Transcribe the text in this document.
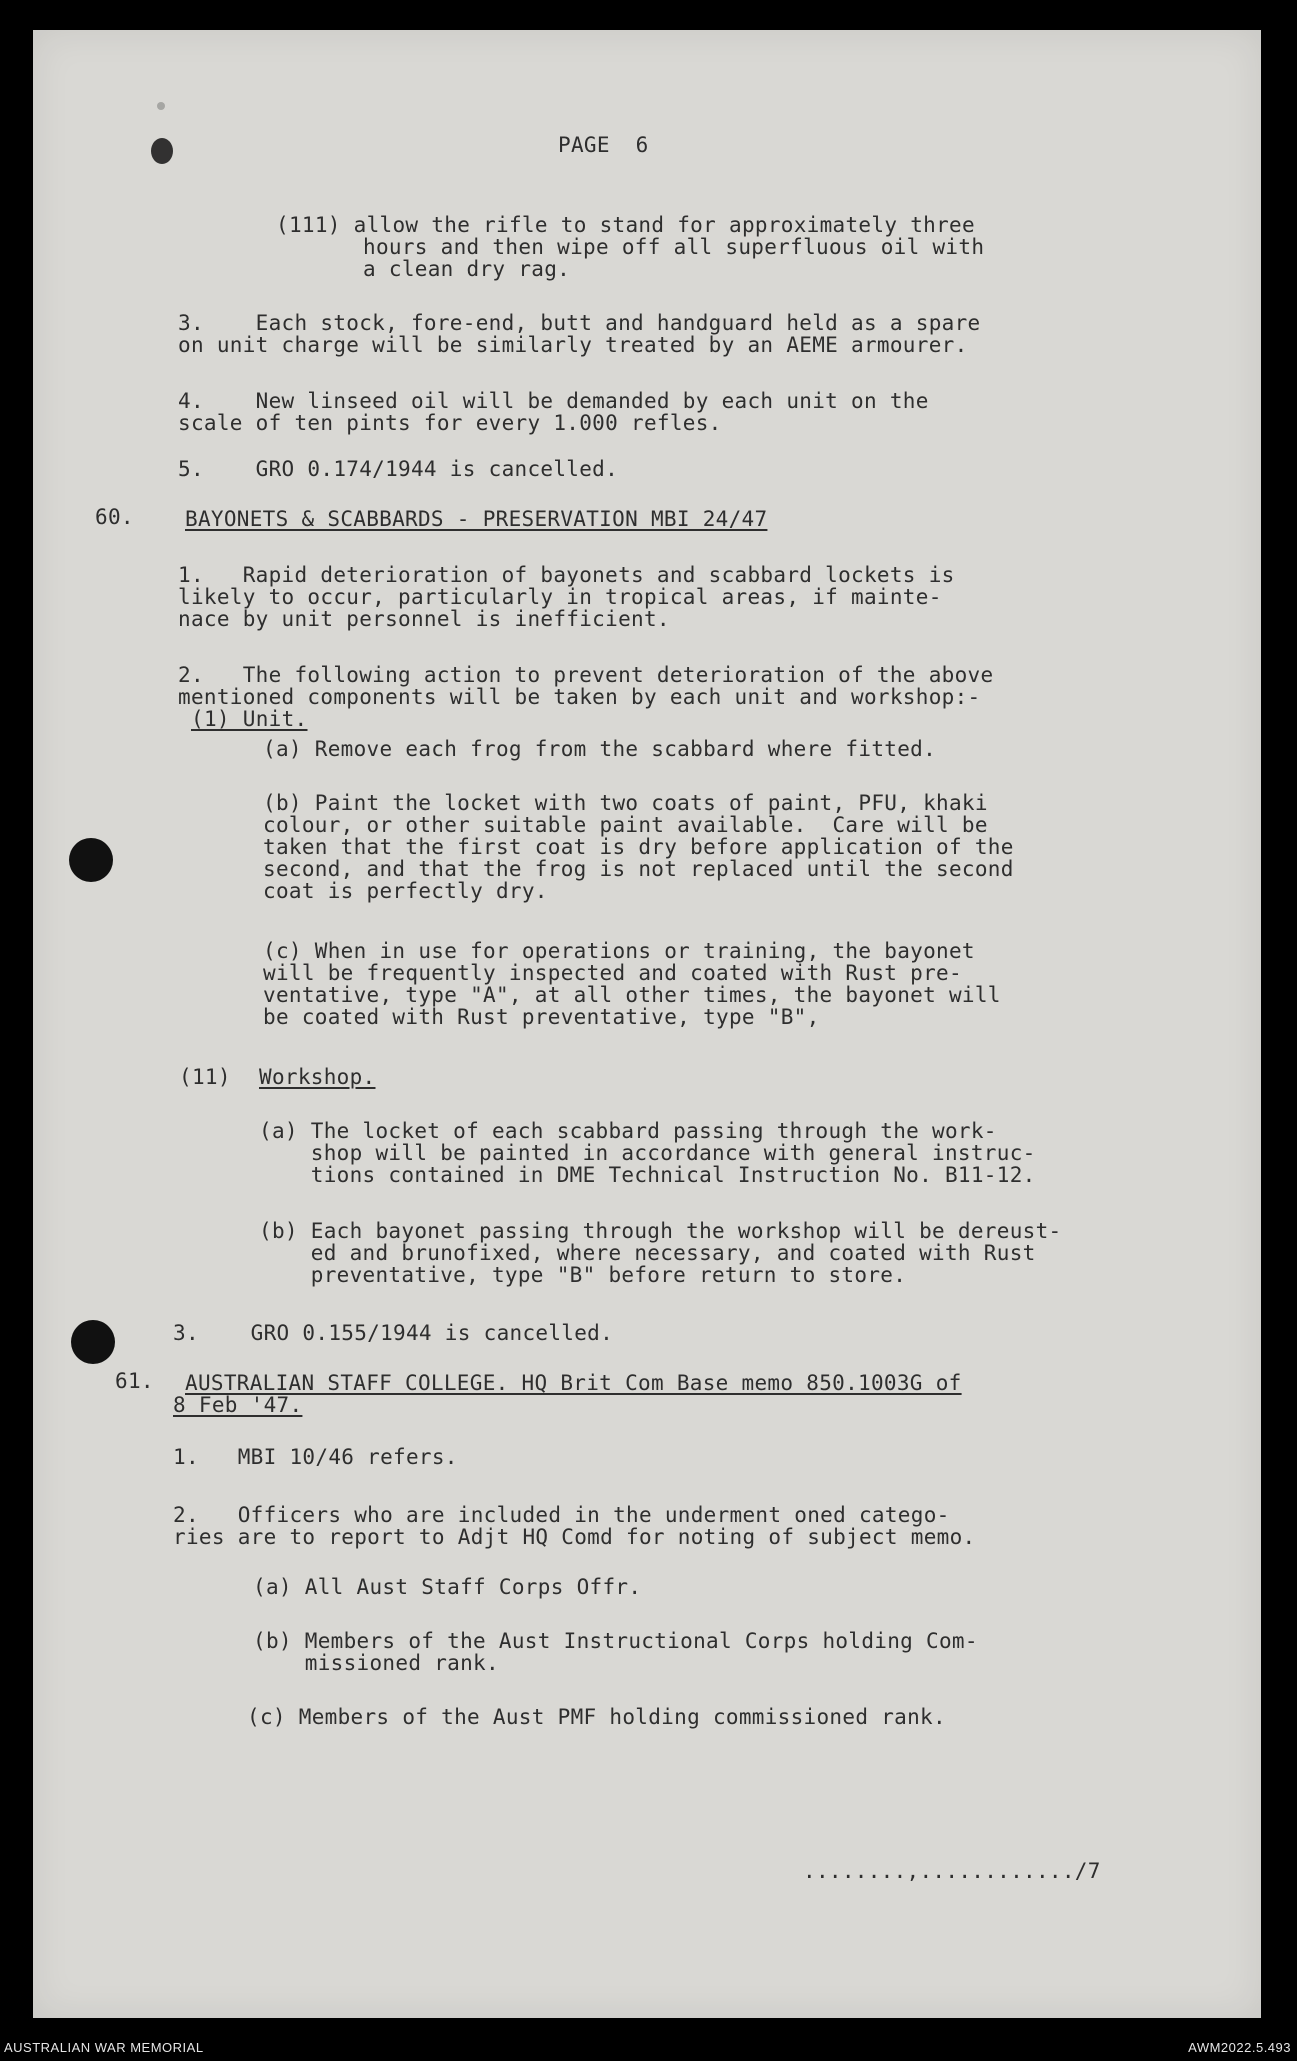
PAGE  6
(111) allow the rifle to stand for approximately three
hours and then wipe off all superfluous oil with
a clean dry rag.
3.    Each stock, fore-end, butt and handguard held as a spare
on unit charge will be similarly treated by an AEME armourer.
4.    New linseed oil will be demanded by each unit on the
scale of ten pints for every 1.000 refles.
5.    GRO 0.174/1944 is cancelled.
60. BAYONETS & SCABBARDS - PRESERVATION MBI 24/47
1.   Rapid deterioration of bayonets and scabbard lockets is
likely to occur, particularly in tropical areas, if mainte-
nace by unit personnel is inefficient.
2.   The following action to prevent deterioration of the above
mentioned components will be taken by each unit and workshop:-
(1) Unit.
(a) Remove each frog from the scabbard where fitted.
(b) Paint the locket with two coats of paint, PFU, khaki
colour, or other suitable paint available.  Care will be
taken that the first coat is dry before application of the
second, and that the frog is not replaced until the second
coat is perfectly dry.
(c) When in use for operations or training, the bayonet
will be frequently inspected and coated with Rust pre-
ventative, type "A", at all other times, the bayonet will
be coated with Rust preventative, type "B",
(11) Workshop.
(a) The locket of each scabbard passing through the work-
shop will be painted in accordance with general instruc-
tions contained in DME Technical Instruction No. B11-12.
(b) Each bayonet passing through the workshop will be dereust-
ed and brunofixed, where necessary, and coated with Rust
preventative, type "B" before return to store.
3.    GRO 0.155/1944 is cancelled.
61. AUSTRALIAN STAFF COLLEGE. HQ Brit Com Base memo 850.1003G of
8 Feb '47.
1.   MBI 10/46 refers.
2.   Officers who are included in the underment oned catego-
ries are to report to Adjt HQ Comd for noting of subject memo.
(a) All Aust Staff Corps Offr.
(b) Members of the Aust Instructional Corps holding Com-
missioned rank.
(c) Members of the Aust PMF holding commissioned rank.
........,............/7
AUSTRALIAN WAR MEMORIAL	AWM2022.5.493
